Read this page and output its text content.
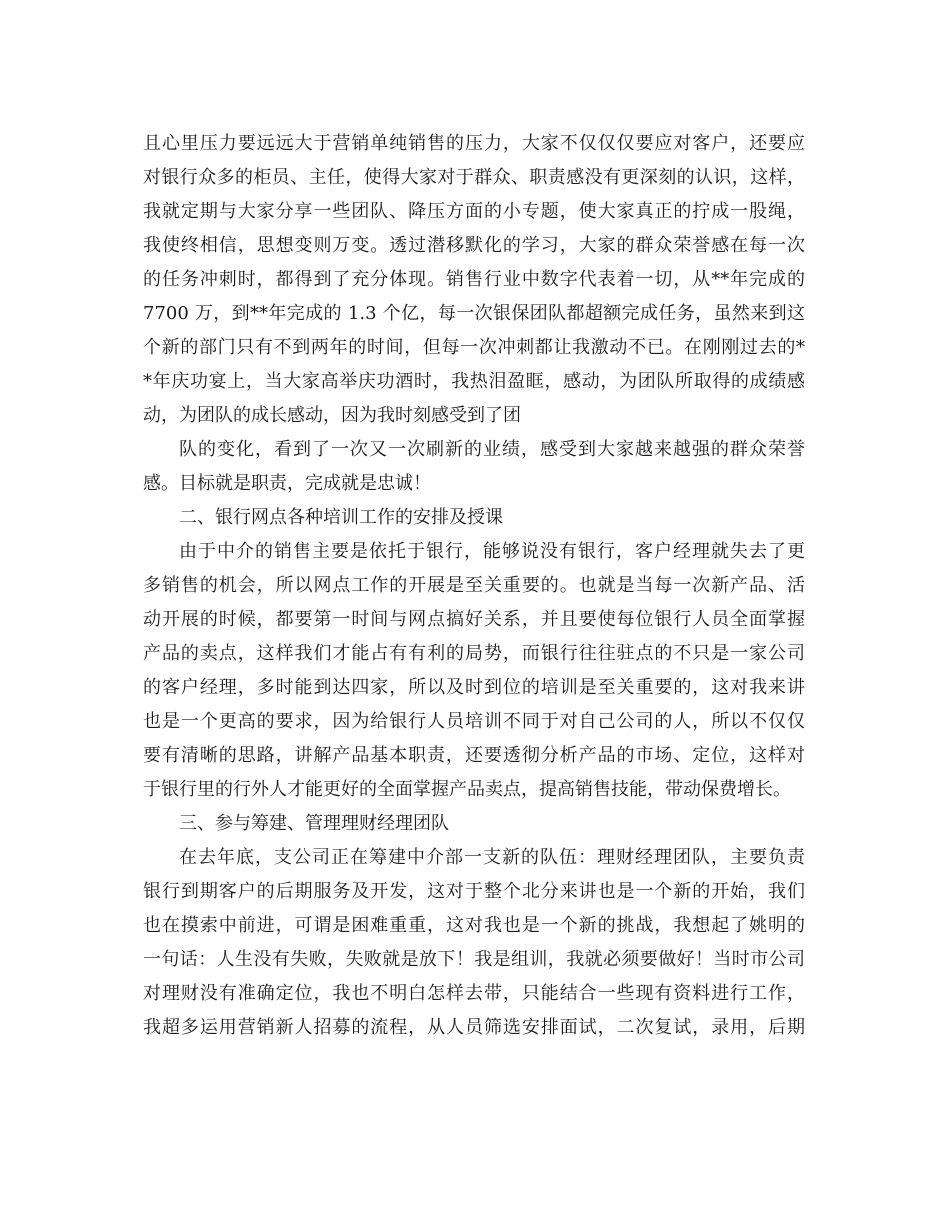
且心里压力要远远大于营销单纯销售的压力，大家不仅仅仅要应对客户，还要应
对银行众多的柜员、主任，使得大家对于群众、职责感没有更深刻的认识，这样，
我就定期与大家分享一些团队、降压方面的小专题，使大家真正的拧成一股绳，
我使终相信，思想变则万变。透过潜移默化的学习，大家的群众荣誉感在每一次
的任务冲刺时，都得到了充分体现。销售行业中数字代表着一切，从**年完成的
7700 万，到**年完成的 1.3 个亿，每一次银保团队都超额完成任务，虽然来到这
个新的部门只有不到两年的时间，但每一次冲刺都让我激动不已。在刚刚过去的*
*年庆功宴上，当大家高举庆功酒时，我热泪盈眶，感动，为团队所取得的成绩感
动，为团队的成长感动，因为我时刻感受到了团
队的变化，看到了一次又一次刷新的业绩，感受到大家越来越强的群众荣誉
感。目标就是职责，完成就是忠诚！
二、银行网点各种培训工作的安排及授课
由于中介的销售主要是依托于银行，能够说没有银行，客户经理就失去了更
多销售的机会，所以网点工作的开展是至关重要的。也就是当每一次新产品、活
动开展的时候，都要第一时间与网点搞好关系，并且要使每位银行人员全面掌握
产品的卖点，这样我们才能占有有利的局势，而银行往往驻点的不只是一家公司
的客户经理，多时能到达四家，所以及时到位的培训是至关重要的，这对我来讲
也是一个更高的要求，因为给银行人员培训不同于对自己公司的人，所以不仅仅
要有清晰的思路，讲解产品基本职责，还要透彻分析产品的市场、定位，这样对
于银行里的行外人才能更好的全面掌握产品卖点，提高销售技能，带动保费增长。
三、参与筹建、管理理财经理团队
在去年底，支公司正在筹建中介部一支新的队伍：理财经理团队，主要负责
银行到期客户的后期服务及开发，这对于整个北分来讲也是一个新的开始，我们
也在摸索中前进，可谓是困难重重，这对我也是一个新的挑战，我想起了姚明的
一句话：人生没有失败，失败就是放下！我是组训，我就必须要做好！当时市公司
对理财没有准确定位，我也不明白怎样去带，只能结合一些现有资料进行工作，
我超多运用营销新人招募的流程，从人员筛选安排面试，二次复试，录用，后期
